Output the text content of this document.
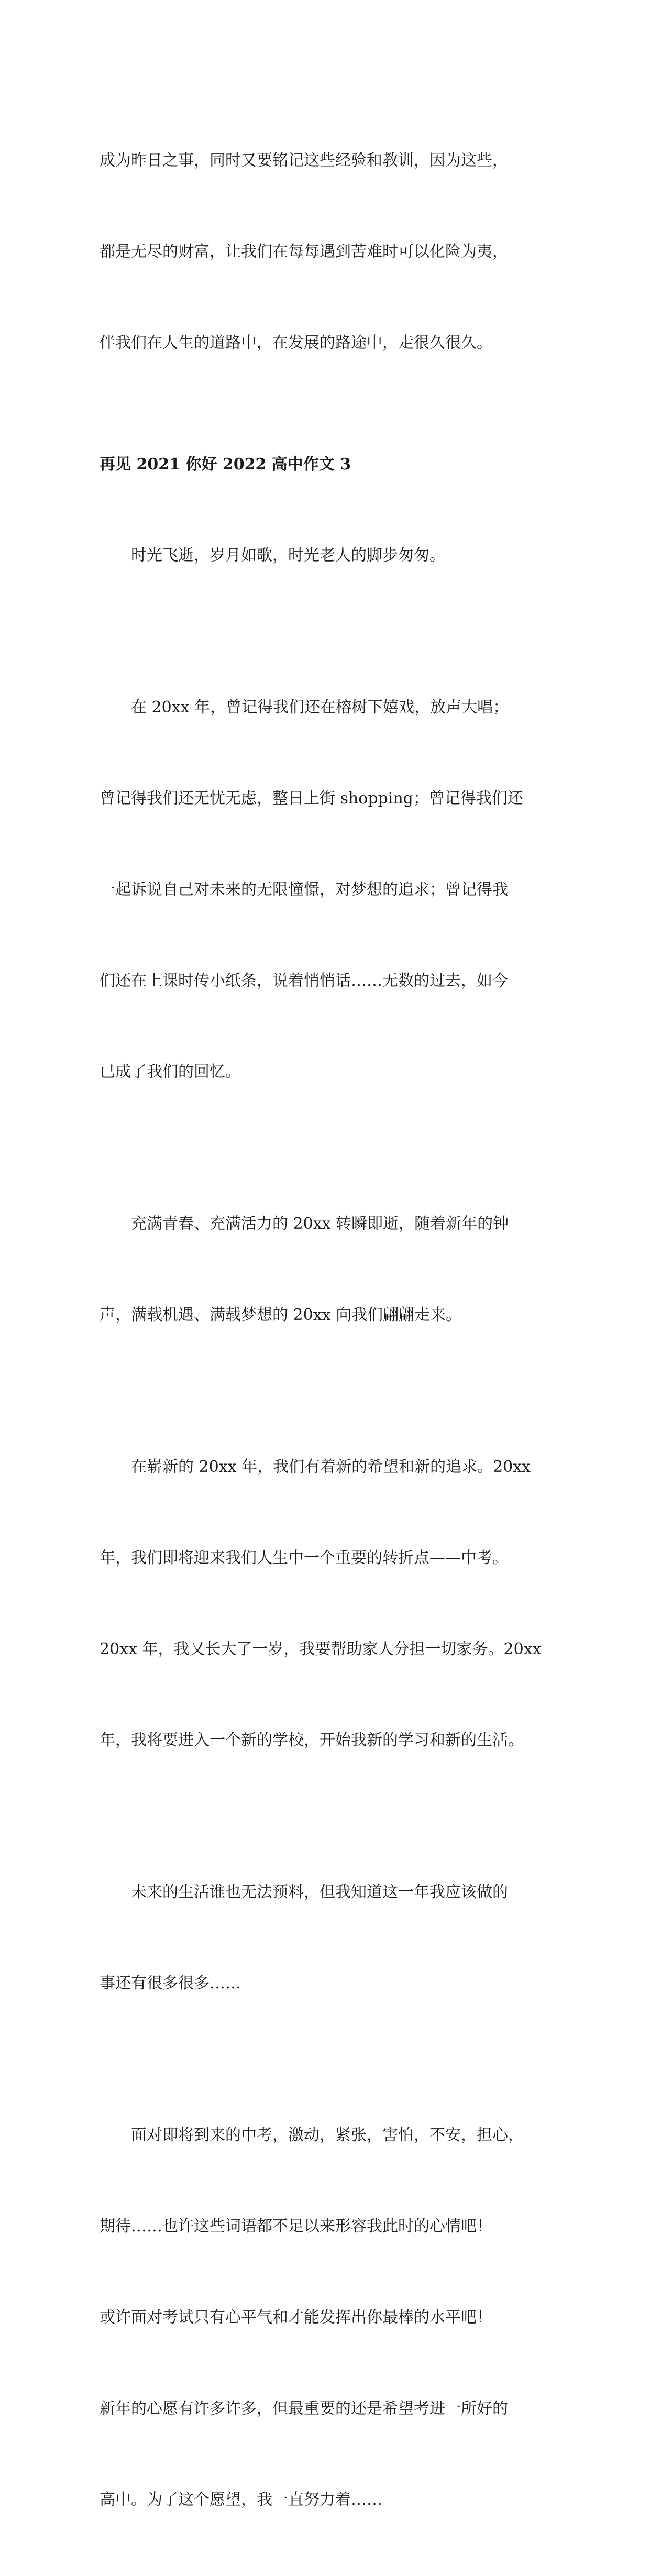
成为昨日之事，同时又要铭记这些经验和教训，因为这些，

都是无尽的财富，让我们在每每遇到苦难时可以化险为夷，

伴我们在人生的道路中，在发展的路途中，走很久很久。

再见 2021 你好 2022 高中作文 3

时光飞逝，岁月如歌，时光老人的脚步匆匆。

在 20xx 年，曾记得我们还在榕树下嬉戏，放声大唱；

曾记得我们还无忧无虑，整日上街 shopping；曾记得我们还

一起诉说自己对未来的无限憧憬，对梦想的追求；曾记得我

们还在上课时传小纸条，说着悄悄话……无数的过去，如今

已成了我们的回忆。

充满青春、充满活力的 20xx 转瞬即逝，随着新年的钟

声，满载机遇、满载梦想的 20xx 向我们翩翩走来。

在崭新的 20xx 年，我们有着新的希望和新的追求。20xx

年，我们即将迎来我们人生中一个重要的转折点——中考。

20xx 年，我又长大了一岁，我要帮助家人分担一切家务。20xx

年，我将要进入一个新的学校，开始我新的学习和新的生活。

未来的生活谁也无法预料，但我知道这一年我应该做的

事还有很多很多……

面对即将到来的中考，激动，紧张，害怕，不安，担心，

期待……也许这些词语都不足以来形容我此时的心情吧！

或许面对考试只有心平气和才能发挥出你最棒的水平吧！

新年的心愿有许多许多，但最重要的还是希望考进一所好的

高中。为了这个愿望，我一直努力着……
